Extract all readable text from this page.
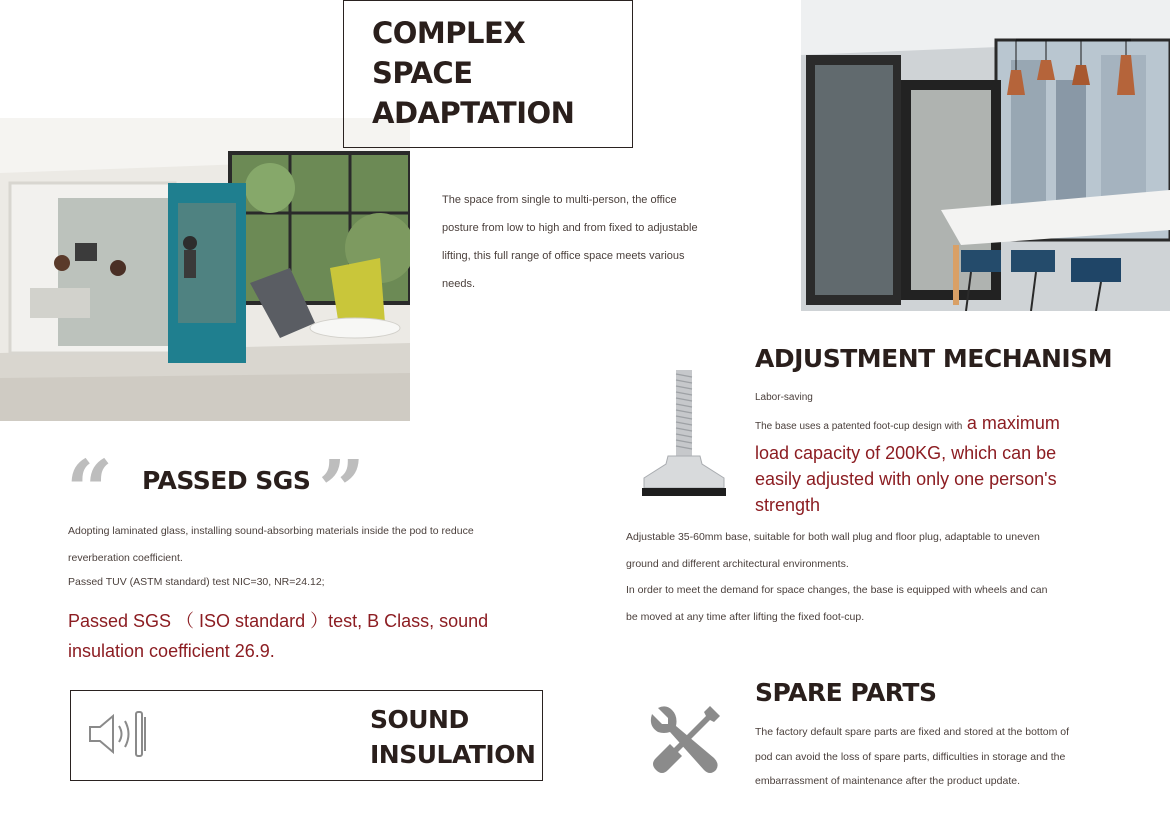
COMPLEX
SPACE
ADAPTATION
The space from single to multi-person, the office
posture from low to high and from fixed to adjustable
lifting, this full range of office space meets various
needs.
ADJUSTMENT MECHANISM
Labor-saving
The base uses a patented foot-cup design with a maximum
load capacity of 200KG, which can be
easily adjusted with only one person's
strength
Adjustable 35-60mm base, suitable for both wall plug and floor plug, adaptable to uneven
ground and different architectural environments.
In order to meet the demand for space changes, the base is equipped with wheels and can
be moved at any time after lifting the fixed foot-cup.
“ PASSED SGS ”
Adopting laminated glass, installing sound-absorbing materials inside the pod to reduce
reverberation coefficient.
Passed TUV (ASTM standard) test NIC=30, NR=24.12;
Passed SGS （ ISO standard ）test, B Class, sound
insulation coefficient 26.9.
SOUND
INSULATION
SPARE PARTS
The factory default spare parts are fixed and stored at the bottom of
pod can avoid the loss of spare parts, difficulties in storage and the
embarrassment of maintenance after the product update.
